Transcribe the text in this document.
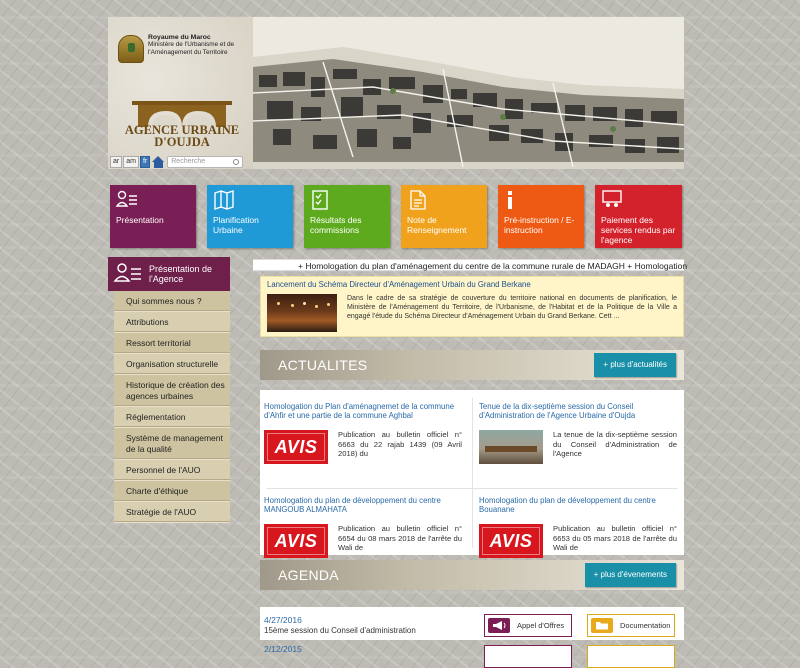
Royaume du Maroc
Ministère de l'Urbanisme et de l'Aménagement du Territoire
AGENCE URBAINE D'OUJDA
ar	am	fr	Recherche
Présentation	Planification Urbaine
Résultats des commissions
Note de Renseignement
Pré-instruction / E-instruction
Paiement des services rendus par l'agence
Présentation de l'Agence
Qui sommes nous ?
Attributions
Ressort territorial
Organisation structurelle
Historique de création des agences urbaines
Réglementation
Système de management de la qualité
Personnel de l'AUO
Charte d'éthique
Stratégie de l'AUO
+ Homologation du plan d'aménagement du centre de la commune rurale de MADAGH + Homologation
Lancement du Schéma Directeur d'Aménagement Urbain du Grand Berkane
Dans le cadre de sa stratégie de couverture du territoire national en documents de planification, le Ministère de l'Aménagement du Territoire, de l'Urbanisme, de l'Habitat et de la Politique de la Ville a engagé l'étude du Schéma Directeur d'Aménagement Urbain du Grand Berkane. Cett ...
ACTUALITES	+ plus d'actualités
Homologation du Plan d'aménagnemet de la commune d'Ahfir et une partie de la commune Aghbal
AVIS
Publication au bulletin officiel n° 6663 du 22 rajab 1439 (09 Avril 2018) du
Tenue de la dix-septième session du Conseil d'Administration de l'Agence Urbaine d'Oujda
La tenue de la dix-septième session du Conseil d'Administration de l'Agence
Homologation du plan de développement du centre MANGOUB ALMAHATA
AVIS
Publication au bulletin officiel n° 6654 du 08 mars 2018 de l'arrête du Wali de
Homologation du plan de développement du centre Bouanane
AVIS
Publication au bulletin officiel n° 6653 du 05 mars 2018 de l'arrête du Wali de
AGENDA	+ plus d'évenements
4/27/2016
15ème session du Conseil d'administration
2/12/2015
Appel d'Offres	Documentation
